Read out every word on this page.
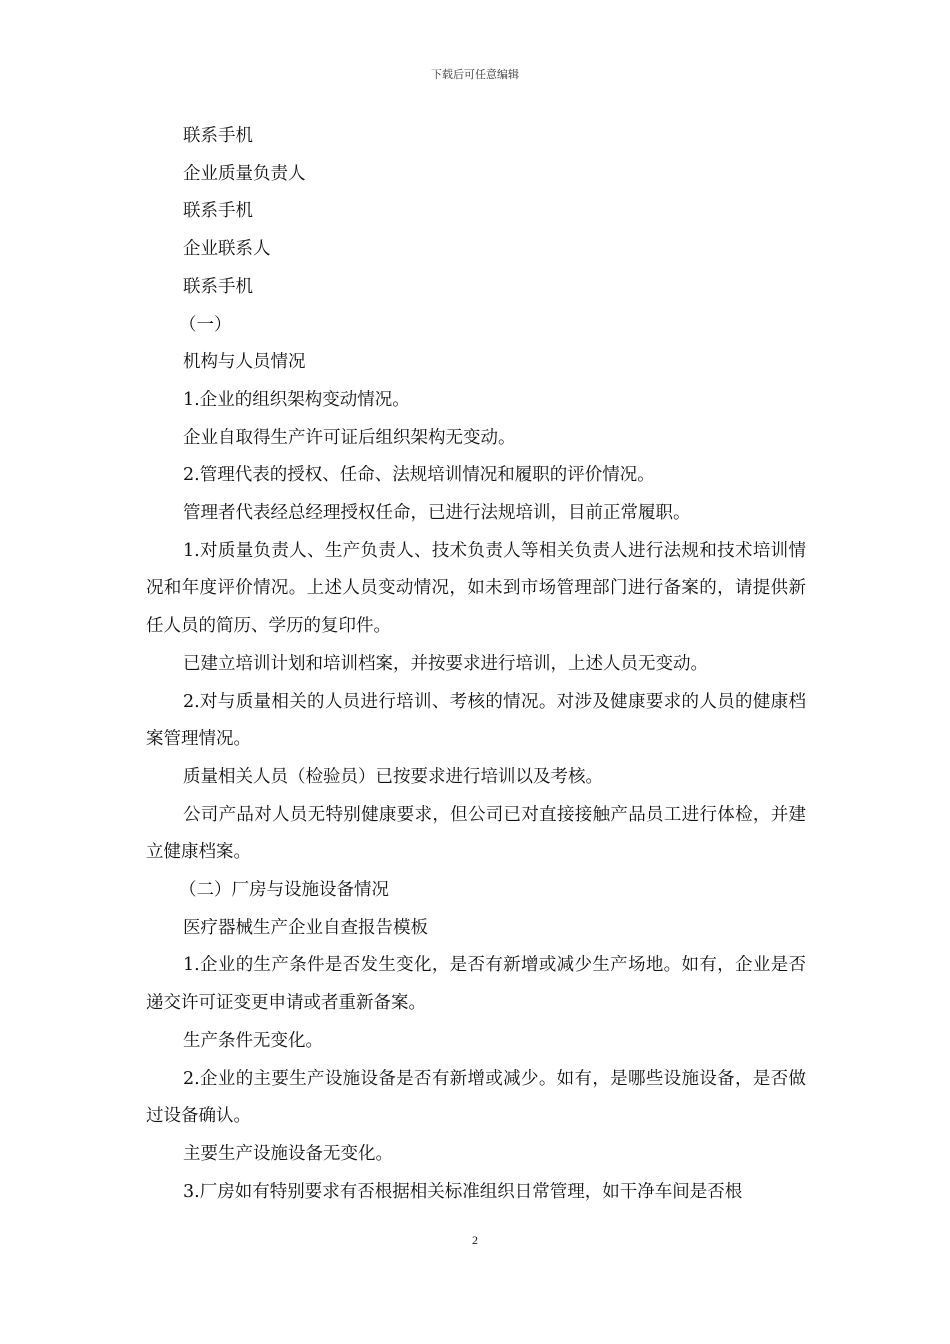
下载后可任意编辑

联系手机

企业质量负责人

联系手机

企业联系人

联系手机

（一）

机构与人员情况

1.企业的组织架构变动情况。

企业自取得生产许可证后组织架构无变动。

2.管理代表的授权、任命、法规培训情况和履职的评价情况。

管理者代表经总经理授权任命，已进行法规培训，目前正常履职。

1.对质量负责人、生产负责人、技术负责人等相关负责人进行法规和技术培训情况和年度评价情况。上述人员变动情况，如未到市场管理部门进行备案的，请提供新任人员的简历、学历的复印件。

已建立培训计划和培训档案，并按要求进行培训，上述人员无变动。

2.对与质量相关的人员进行培训、考核的情况。对涉及健康要求的人员的健康档案管理情况。

质量相关人员（检验员）已按要求进行培训以及考核。

公司产品对人员无特别健康要求，但公司已对直接接触产品员工进行体检，并建立健康档案。

（二）厂房与设施设备情况

医疗器械生产企业自查报告模板

1.企业的生产条件是否发生变化，是否有新增或减少生产场地。如有，企业是否递交许可证变更申请或者重新备案。

生产条件无变化。

2.企业的主要生产设施设备是否有新增或减少。如有，是哪些设施设备，是否做过设备确认。

主要生产设施设备无变化。

3.厂房如有特别要求有否根据相关标准组织日常管理，如干净车间是否根

2
